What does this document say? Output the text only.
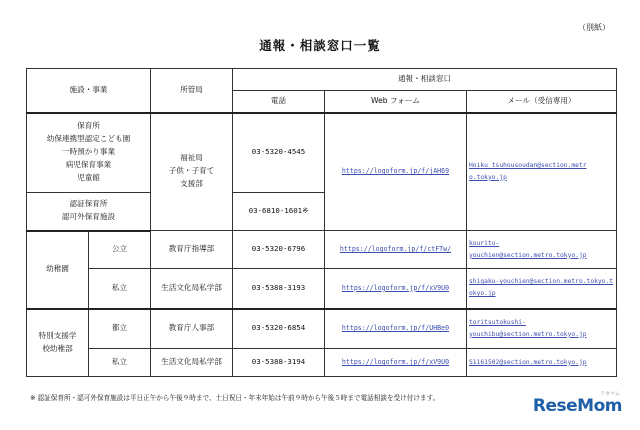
（別紙）
通報・相談窓口一覧
施設・事業		所管局	通報・相談窓口		
			電話	Web フォーム	メール（受信専用）

保育所
幼保連携型認定こども園
一時預かり事業
病児保育事業
児童館		福祉局
子供・子育て
支援部	03-5320-4545	https://logoform.jp/f/jAH69	Hoiku_tsuhousoudan@section.metr
o.tokyo.jp

認証保育所
認可外保育施設			03-6810-1601※		
幼稚園	公立	教育庁指導部	03-5320-6796	https://logoform.jp/f/ctFTw/	kouritu-
youchien@section.metro.tokyo.jp

	私立	生活文化局私学部	03-5388-3193	https://logoform.jp/f/xV9U0	shigaku-youchien@section.metro.tokyo.t
okyo.jp

特別支援学
校幼稚部	都立	教育庁人事部	03-5320-6854	https://logoform.jp/f/UHBe0	toritsutokushi-
youchibu@section.metro.tokyo.jp

	私立	生活文化局私学部	03-5388-3194	https://logoform.jp/f/xV9U0	S1161502@section.metro.tokyo.jp
※ 認証保育所・認可外保育施設は平日正午から午後９時まで、土日祝日・年末年始は午前９時から午後５時まで電話相談を受け付けます。	リセマム
ReseMom
